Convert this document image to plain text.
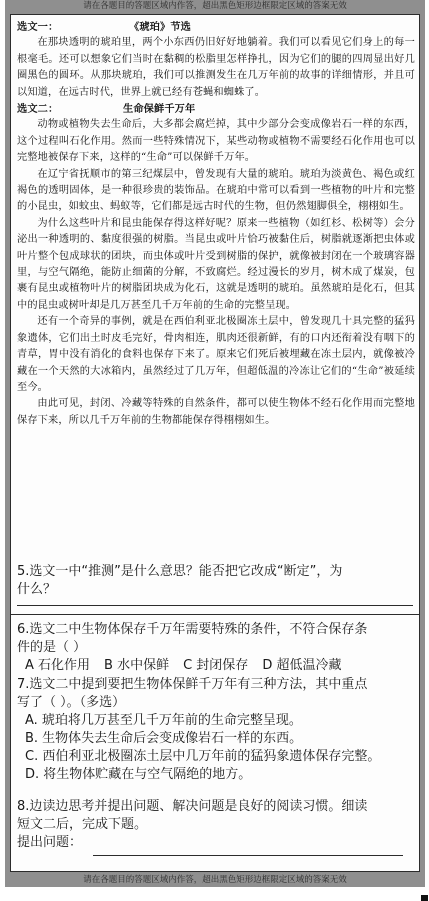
请在各题目的答题区域内作答，超出黑色矩形边框限定区域的答案无效
选文一：	《琥珀》节选

在那块透明的琥珀里，两个小东西仍旧好好地躺着。我们可以看见它们身上的每一根毫毛。还可以想象它们当时在黏稠的松脂里怎样挣扎，因为它们的腿的四周显出好几圈黑色的圆环。从那块琥珀，我们可以推测发生在几万年前的故事的详细情形，并且可以知道，在远古时代，世界上就已经有苍蝇和蜘蛛了。

选文二：	生命保鲜千万年

动物或植物失去生命后，大多都会腐烂掉，其中少部分会变成像岩石一样的东西，这个过程叫石化作用。然而一些特殊情况下，某些动物或植物不需要经石化作用也可以完整地被保存下来，这样的“生命”可以保鲜千万年。

在辽宁省抚顺市的第三纪煤层中，曾发现有大量的琥珀。琥珀为淡黄色、褐色或红褐色的透明固体，是一种很珍贵的装饰品。在琥珀中常可以看到一些植物的叶片和完整的小昆虫，如蚊虫、蚂蚁等，它们都是远古时代的生物，但仍然翅脚俱全，栩栩如生。

为什么这些叶片和昆虫能保存得这样好呢？原来一些植物（如红杉、松树等）会分泌出一种透明的、黏度很强的树脂。当昆虫或叶片恰巧被黏住后，树脂就逐渐把虫体或叶片整个包成球状的团块，而虫体或叶片受到树脂的保护，就像被封闭在一个玻璃容器里，与空气隔绝，能防止细菌的分解，不致腐烂。经过漫长的岁月，树木成了煤炭，包裹有昆虫或植物叶片的树脂团块成为化石，这就是透明的琥珀。虽然琥珀是化石，但其中的昆虫或树叶却是几万甚至几千万年前的生命的完整呈现。

还有一个奇异的事例，就是在西伯利亚北极圈冻土层中，曾发现几十具完整的猛犸象遗体，它们出土时皮毛完好，骨肉相连，肌肉还很新鲜，有的口内还衔着没有咽下的青草，胃中没有消化的食料也保存下来了。原来它们死后被埋藏在冻土层内，就像被冷藏在一个天然的大冰箱内，虽然经过了几万年，但超低温的冷冻让它们的“生命”被延续至今。

由此可见，封闭、冷藏等特殊的自然条件，都可以使生物体不经石化作用而完整地保存下来，所以几千万年前的生物都能保存得栩栩如生。

5.选文一中“推测”是什么意思？能否把它改成“断定”，为

什么？

6.选文二中生物体保存千万年需要特殊的条件，不符合保存条

件的是（ ）

A 石化作用 B 水中保鲜 C 封闭保存 D 超低温冷藏

7.选文二中提到要把生物体保鲜千万年有三种方法，其中重点

写了（ ）。（多选）

A. 琥珀将几万甚至几千万年前的生命完整呈现。

B. 生物体失去生命后会变成像岩石一样的东西。

C. 西伯利亚北极圈冻土层中几万年前的猛犸象遗体保存完整。

D. 将生物体贮藏在与空气隔绝的地方。

8.边读边思考并提出问题、解决问题是良好的阅读习惯。细读

短文二后，完成下题。

提出问题：

请在各题目的答题区域内作答，超出黑色矩形边框限定区域的答案无效
